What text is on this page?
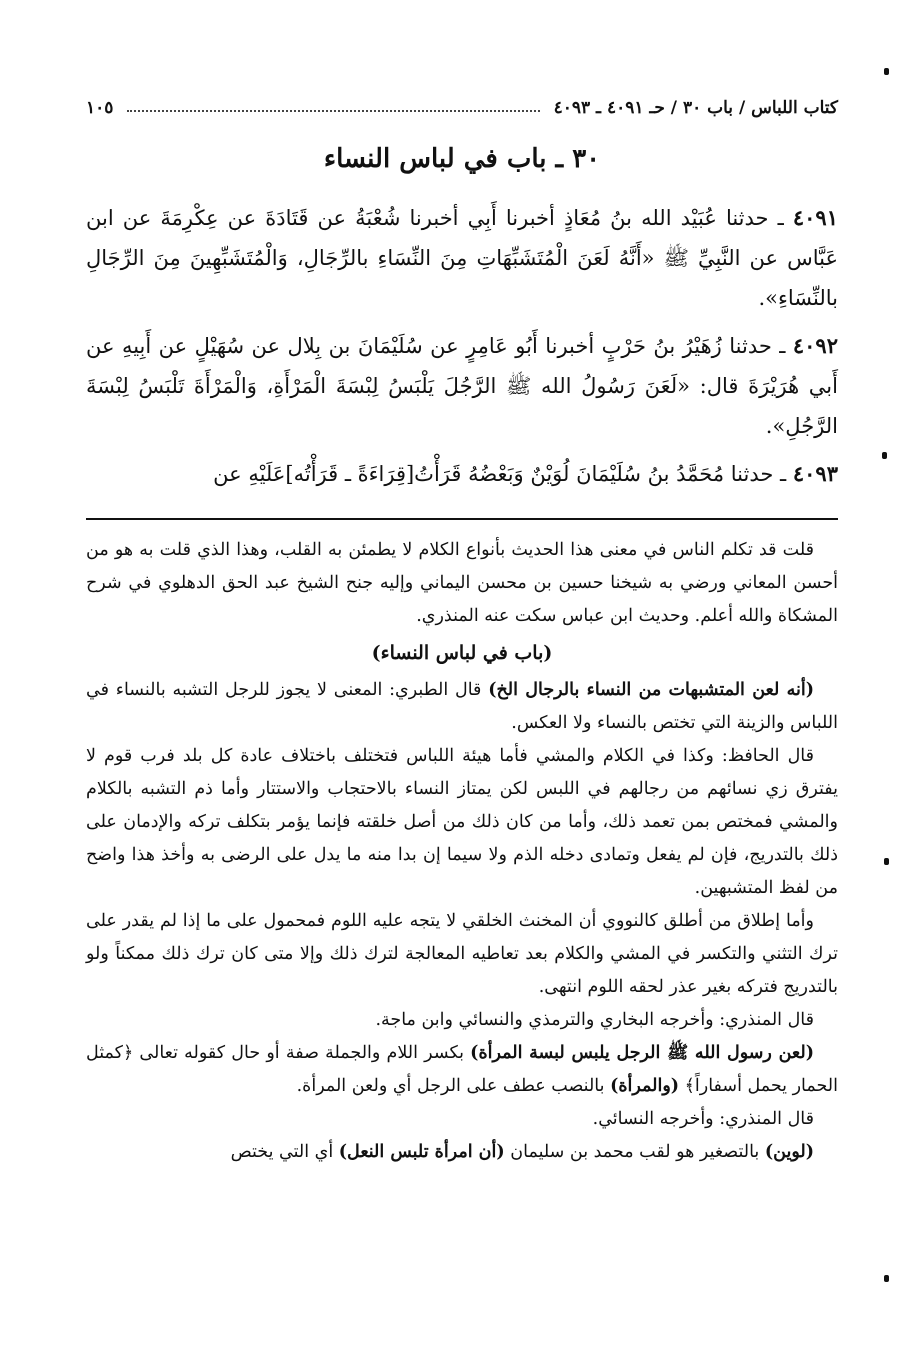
كتاب اللباس / باب ٣٠ / حـ ٤٠٩١ ـ ٤٠٩٣
١٠٥
٣٠ ـ باب في لباس النساء

٤٠٩١ ـ حدثنا عُبَيْد الله بنُ مُعَاذٍ أخبرنا أَبِي أخبرنا شُعْبَةُ عن قَتَادَةَ عن عِكْرِمَةَ عن ابن عَبَّاس عن النَّبِيِّ ﷺ «أَنَّهُ لَعَنَ الْمُتَشَبِّهَاتِ مِنَ النِّسَاءِ بالرِّجَالِ، وَالْمُتَشَبِّهِينَ مِنَ الرِّجَالِ بالنِّسَاءِ».

٤٠٩٢ ـ حدثنا زُهَيْرُ بنُ حَرْبٍ أخبرنا أَبُو عَامِرٍ عن سُلَيْمَانَ بن بِلال عن سُهَيْلٍ عن أَبِيهِ عن أَبي هُرَيْرَةَ قال: «لَعَنَ رَسُولُ الله ﷺ الرَّجُلَ يَلْبَسُ لِبْسَةَ الْمَرْأَةِ، وَالْمَرْأَةَ تَلْبَسُ لِبْسَةَ الرَّجُلِ».

٤٠٩٣ ـ حدثنا مُحَمَّدُ بنُ سُلَيْمَانَ لُوَيْنٌ وَبَعْضُهُ قَرَأْتُ[قِرَاءَةً ـ قَرَأْتُه]عَلَيْهِ عن

قلت قد تكلم الناس في معنى هذا الحديث بأنواع الكلام لا يطمئن به القلب، وهذا الذي قلت به هو من أحسن المعاني ورضي به شيخنا حسين بن محسن اليماني وإليه جنح الشيخ عبد الحق الدهلوي في شرح المشكاة والله أعلم. وحديث ابن عباس سكت عنه المنذري.

(باب في لباس النساء)

(أنه لعن المتشبهات من النساء بالرجال الخ) قال الطبري: المعنى لا يجوز للرجل التشبه بالنساء في اللباس والزينة التي تختص بالنساء ولا العكس.

قال الحافظ: وكذا في الكلام والمشي فأما هيئة اللباس فتختلف باختلاف عادة كل بلد فرب قوم لا يفترق زي نسائهم من رجالهم في اللبس لكن يمتاز النساء بالاحتجاب والاستتار وأما ذم التشبه بالكلام والمشي فمختص بمن تعمد ذلك، وأما من كان ذلك من أصل خلقته فإنما يؤمر بتكلف تركه والإدمان على ذلك بالتدريج، فإن لم يفعل وتمادى دخله الذم ولا سيما إن بدا منه ما يدل على الرضى به وأخذ هذا واضح من لفظ المتشبهين.

وأما إطلاق من أطلق كالنووي أن المخنث الخلقي لا يتجه عليه اللوم فمحمول على ما إذا لم يقدر على ترك التثني والتكسر في المشي والكلام بعد تعاطيه المعالجة لترك ذلك وإلا متى كان ترك ذلك ممكناً ولو بالتدريج فتركه بغير عذر لحقه اللوم انتهى.

قال المنذري: وأخرجه البخاري والترمذي والنسائي وابن ماجة.

(لعن رسول الله ﷺ الرجل يلبس لبسة المرأة) بكسر اللام والجملة صفة أو حال كقوله تعالى ﴿كمثل الحمار يحمل أسفاراً﴾ (والمرأة) بالنصب عطف على الرجل أي ولعن المرأة.

قال المنذري: وأخرجه النسائي.

(لوين) بالتصغير هو لقب محمد بن سليمان (أن امرأة تلبس النعل) أي التي يختص
